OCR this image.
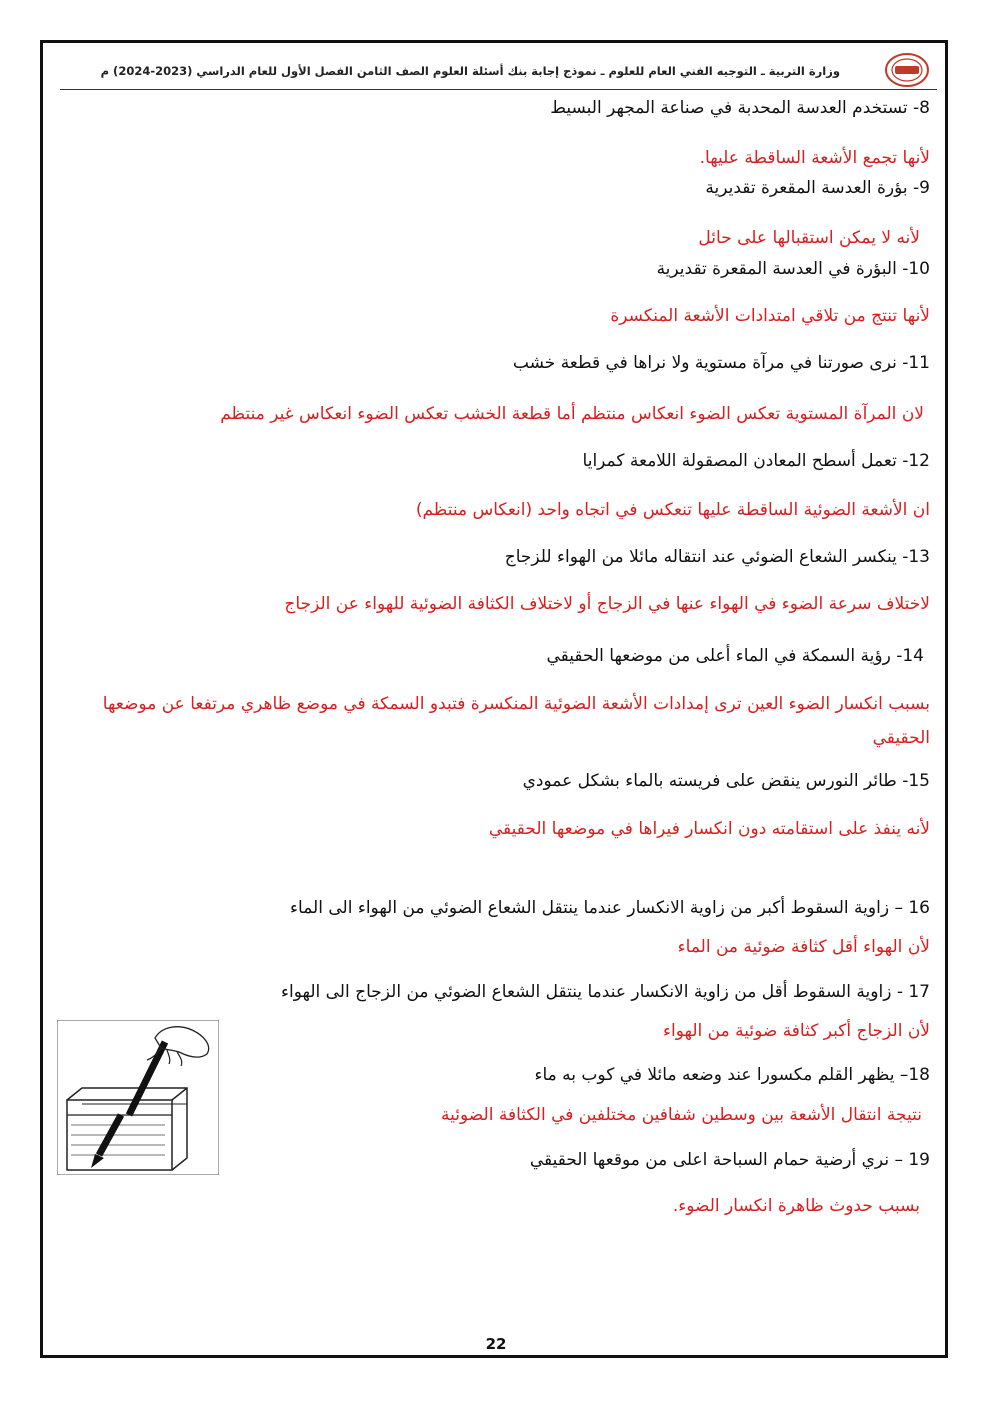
وزارة التربية ـ التوجيه الفني العام للعلوم ـ نموذج إجابة بنك أسئلة العلوم الصف الثامن الفصل الأول للعام الدراسي (2023-2024) م
8- تستخدم العدسة المحدبة في صناعة المجهر البسيط
لأنها تجمع الأشعة الساقطة عليها.
9- بؤرة العدسة المقعرة تقديرية
لأنه لا يمكن استقبالها على حائل
10- البؤرة في العدسة المقعرة تقديرية
لأنها تنتج من تلاقي امتدادات الأشعة المنكسرة
11- نرى صورتنا في مرآة مستوية ولا نراها في قطعة خشب
لان المرآة المستوية تعكس الضوء انعكاس منتظم أما قطعة الخشب تعكس الضوء انعكاس غير منتظم
12- تعمل أسطح المعادن المصقولة اللامعة كمرايا
ان الأشعة الضوئية الساقطة عليها تنعكس في اتجاه واحد (انعكاس منتظم)
13- ينكسر الشعاع الضوئي عند انتقاله مائلا من الهواء للزجاج
لاختلاف سرعة الضوء في الهواء عنها في الزجاج أو لاختلاف الكثافة الضوئية للهواء عن الزجاج
14- رؤية السمكة في الماء أعلى من موضعها الحقيقي
بسبب انكسار الضوء العين ترى إمدادات الأشعة الضوئية المنكسرة فتبدو السمكة في موضع ظاهري مرتفعا عن موضعها الحقيقي
15- طائر النورس ينقض على فريسته بالماء بشكل عمودي
لأنه ينفذ على استقامته دون انكسار فيراها في موضعها الحقيقي
16 – زاوية السقوط أكبر من زاوية الانكسار عندما ينتقل الشعاع الضوئي من الهواء الى الماء
لأن الهواء أقل كثافة ضوئية من الماء
17 - زاوية السقوط أقل من زاوية الانكسار عندما ينتقل الشعاع الضوئي من الزجاج الى الهواء
لأن الزجاج أكبر كثافة ضوئية من الهواء
18– يظهر القلم مكسورا عند وضعه مائلا في كوب به ماء
نتيجة انتقال الأشعة بين وسطين شفافين مختلفين في الكثافة الضوئية
19 – نري أرضية حمام السباحة اعلى من موقعها الحقيقي
بسبب حدوث ظاهرة انكسار الضوء.
22
